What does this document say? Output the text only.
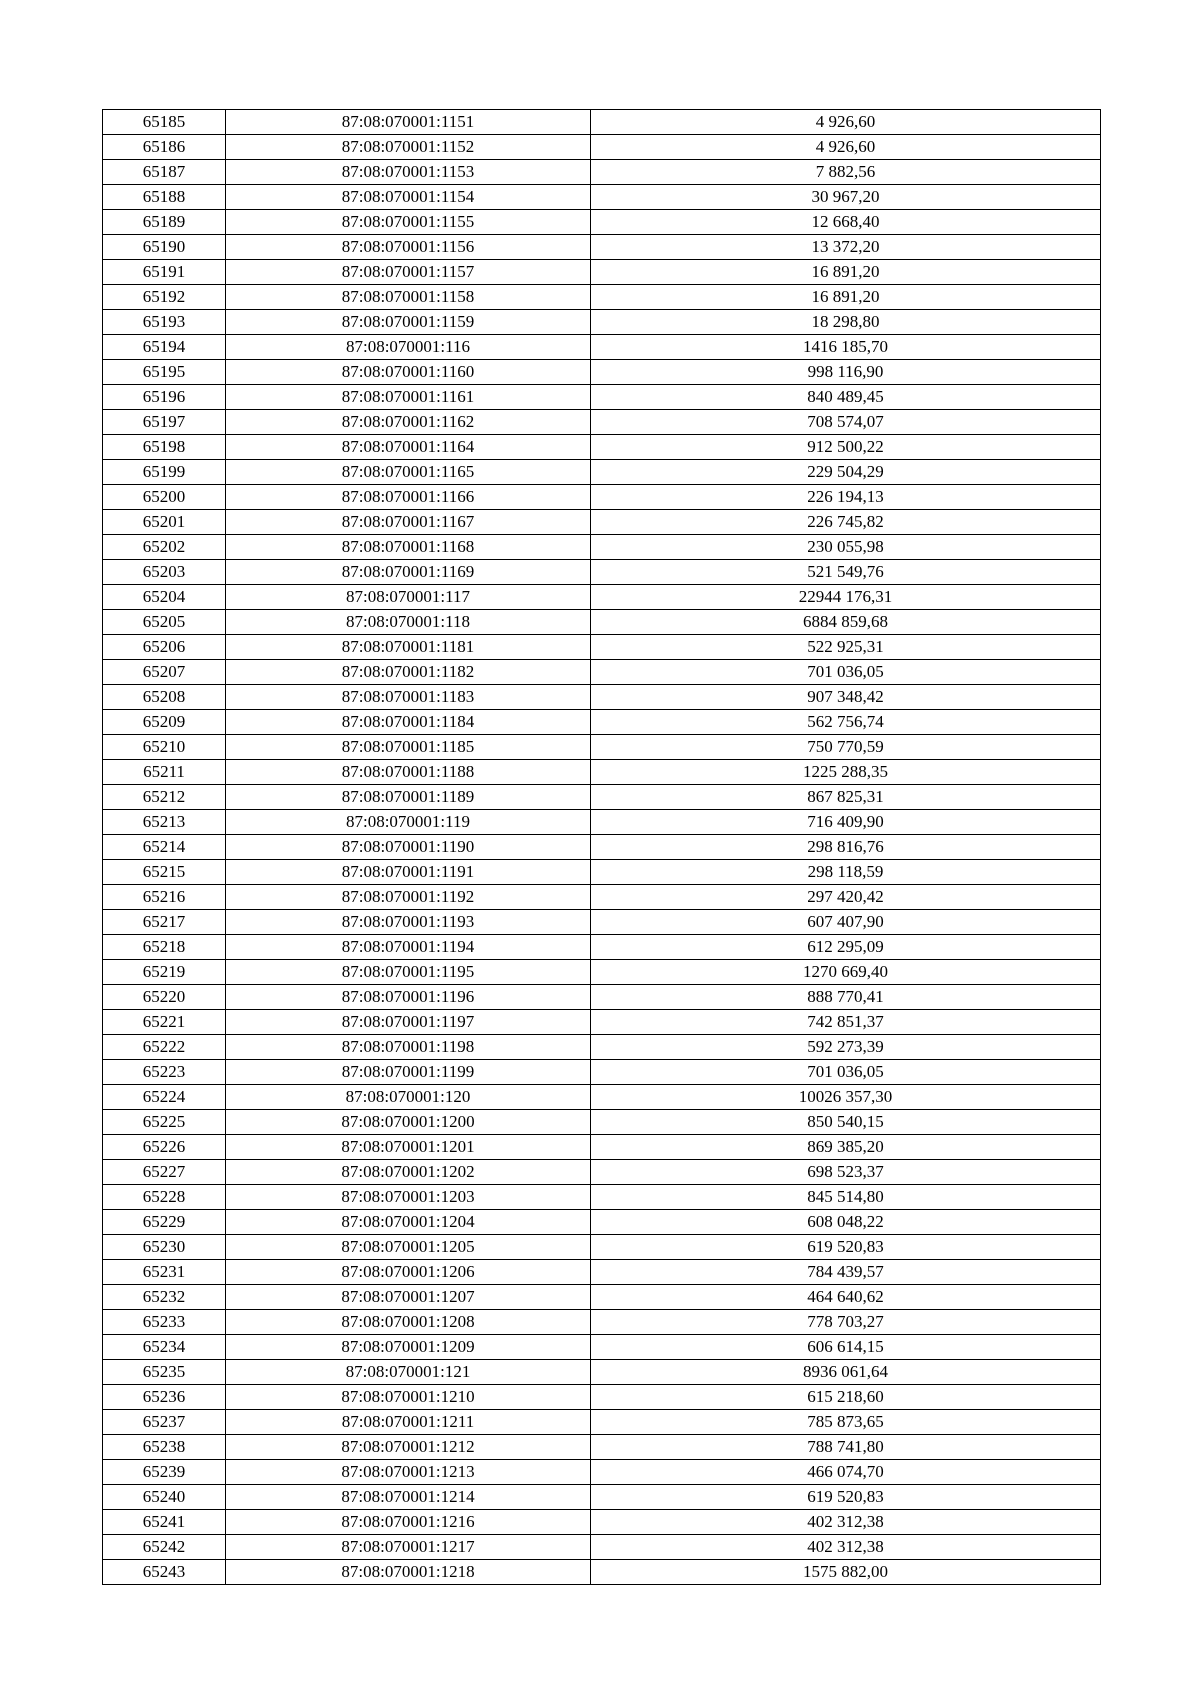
65185	87:08:070001:1151	4 926,60
65186	87:08:070001:1152	4 926,60
65187	87:08:070001:1153	7 882,56
65188	87:08:070001:1154	30 967,20
65189	87:08:070001:1155	12 668,40
65190	87:08:070001:1156	13 372,20
65191	87:08:070001:1157	16 891,20
65192	87:08:070001:1158	16 891,20
65193	87:08:070001:1159	18 298,80
65194	87:08:070001:116	1416 185,70
65195	87:08:070001:1160	998 116,90
65196	87:08:070001:1161	840 489,45
65197	87:08:070001:1162	708 574,07
65198	87:08:070001:1164	912 500,22
65199	87:08:070001:1165	229 504,29
65200	87:08:070001:1166	226 194,13
65201	87:08:070001:1167	226 745,82
65202	87:08:070001:1168	230 055,98
65203	87:08:070001:1169	521 549,76
65204	87:08:070001:117	22944 176,31
65205	87:08:070001:118	6884 859,68
65206	87:08:070001:1181	522 925,31
65207	87:08:070001:1182	701 036,05
65208	87:08:070001:1183	907 348,42
65209	87:08:070001:1184	562 756,74
65210	87:08:070001:1185	750 770,59
65211	87:08:070001:1188	1225 288,35
65212	87:08:070001:1189	867 825,31
65213	87:08:070001:119	716 409,90
65214	87:08:070001:1190	298 816,76
65215	87:08:070001:1191	298 118,59
65216	87:08:070001:1192	297 420,42
65217	87:08:070001:1193	607 407,90
65218	87:08:070001:1194	612 295,09
65219	87:08:070001:1195	1270 669,40
65220	87:08:070001:1196	888 770,41
65221	87:08:070001:1197	742 851,37
65222	87:08:070001:1198	592 273,39
65223	87:08:070001:1199	701 036,05
65224	87:08:070001:120	10026 357,30
65225	87:08:070001:1200	850 540,15
65226	87:08:070001:1201	869 385,20
65227	87:08:070001:1202	698 523,37
65228	87:08:070001:1203	845 514,80
65229	87:08:070001:1204	608 048,22
65230	87:08:070001:1205	619 520,83
65231	87:08:070001:1206	784 439,57
65232	87:08:070001:1207	464 640,62
65233	87:08:070001:1208	778 703,27
65234	87:08:070001:1209	606 614,15
65235	87:08:070001:121	8936 061,64
65236	87:08:070001:1210	615 218,60
65237	87:08:070001:1211	785 873,65
65238	87:08:070001:1212	788 741,80
65239	87:08:070001:1213	466 074,70
65240	87:08:070001:1214	619 520,83
65241	87:08:070001:1216	402 312,38
65242	87:08:070001:1217	402 312,38
65243	87:08:070001:1218	1575 882,00
